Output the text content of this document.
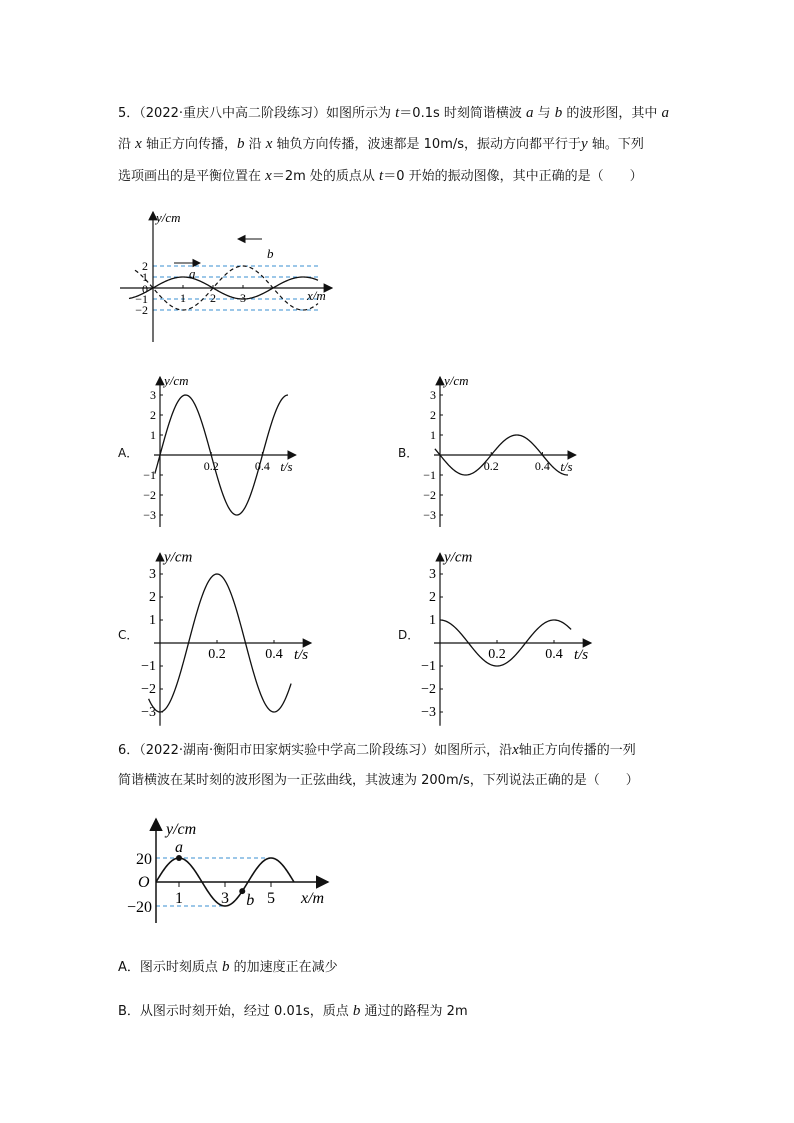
5．（2022·重庆八中高二阶段练习）如图所示为 t＝0.1s 时刻简谐横波 a 与 b 的波形图，其中 a
沿 x 轴正方向传播，b 沿 x 轴负方向传播，波速都是 10m/s，振动方向都平行于y 轴。下列
选项画出的是平衡位置在 x＝2m 处的质点从 t＝0 开始的振动图像，其中正确的是（　　）
y/cm
x/m
0
2
1
−1
−2
1 2 3
a
b
A．
y/cm
t/s
3
2
1
−1
−2
−3
0.2	0.4
B．
y/cm
t/s
3
2
1
−1
−2
−3
0.2	0.4
C．
y/cm
t/s
3
2
1
−1
−2
−3
0.2	0.4
D．
y/cm
t/s
3
2
1
−1
−2
−3
0.2	0.4
6．（2022·湖南·衡阳市田家炳实验中学高二阶段练习）如图所示，沿x轴正方向传播的一列
简谐横波在某时刻的波形图为一正弦曲线，其波速为 200m/s，下列说法正确的是（　　）
y/cm
x/m
O
20
−20
1 3 5
a
b
A．图示时刻质点 b 的加速度正在减少
B．从图示时刻开始，经过 0.01s，质点 b 通过的路程为 2m
